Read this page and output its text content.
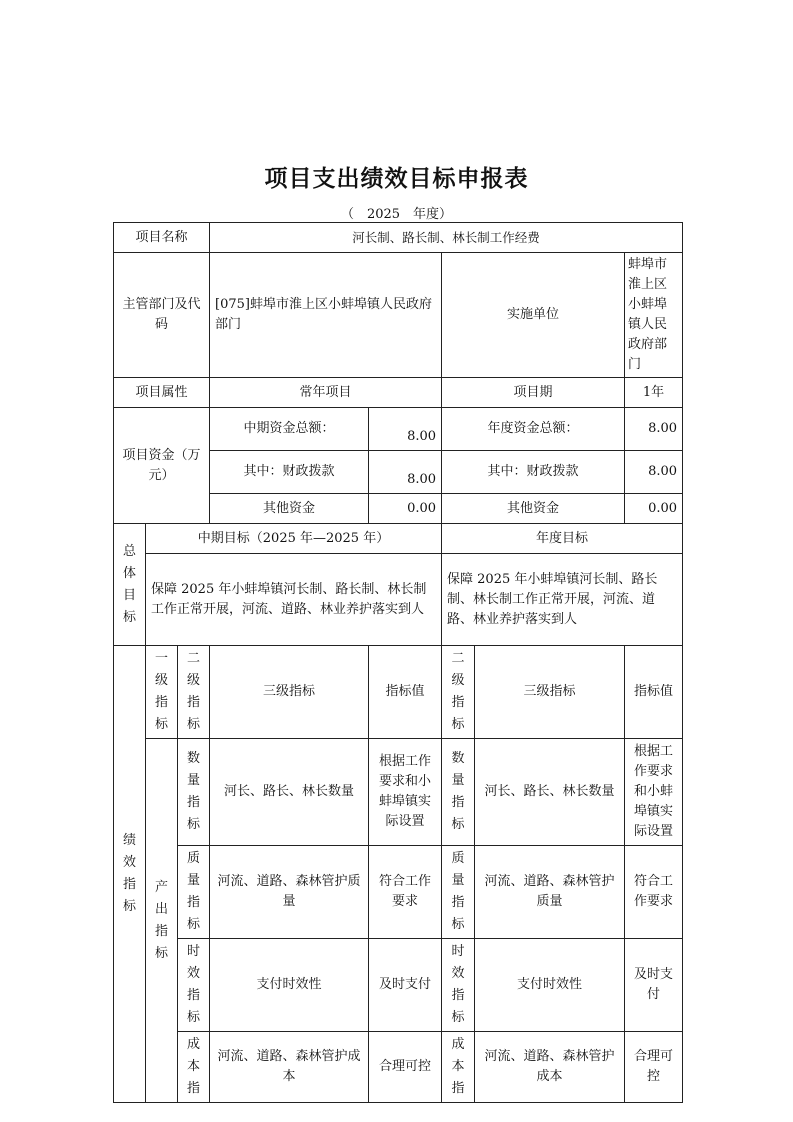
项目支出绩效目标申报表
（　2025　年度）
项目名称			河长制、路长制、林长制工作经费				
主管部门及代码			[075]蚌埠市淮上区小蚌埠镇人民政府部门		实施单位		蚌埠市淮上区小蚌埠镇人民政府部门
项目属性			常年项目		项目期		1年
项目资金（万元）			中期资金总额：	8.00	年度资金总额：		8.00
			其中：财政拨款	8.00	其中：财政拨款		8.00
			其他资金	0.00	其他资金		0.00

总体目标	中期目标（2025 年—2025 年）				年度目标		
	保障 2025 年小蚌埠镇河长制、路长制、林长制工作正常开展，河流、道路、林业养护落实到人				保障 2025 年小蚌埠镇河长制、路长制、林长制工作正常开展，河流、道路、林业养护落实到人		

绩效指标	一级指标	二级指标	三级指标	指标值	二级指标	三级指标	指标值

	产出指标	数量指标	河长、路长、林长数量	根据工作要求和小蚌埠镇实际设置	数量指标	河长、路长、林长数量	根据工作要求和小蚌埠镇实际设置

		质量指标	河流、道路、森林管护质量	符合工作要求	质量指标	河流、道路、森林管护质量	符合工作要求

		时效指标	支付时效性	及时支付	时效指标	支付时效性	及时支付

		成本指	河流、道路、森林管护成本	合理可控	成本指	河流、道路、森林管护成本	合理可控
